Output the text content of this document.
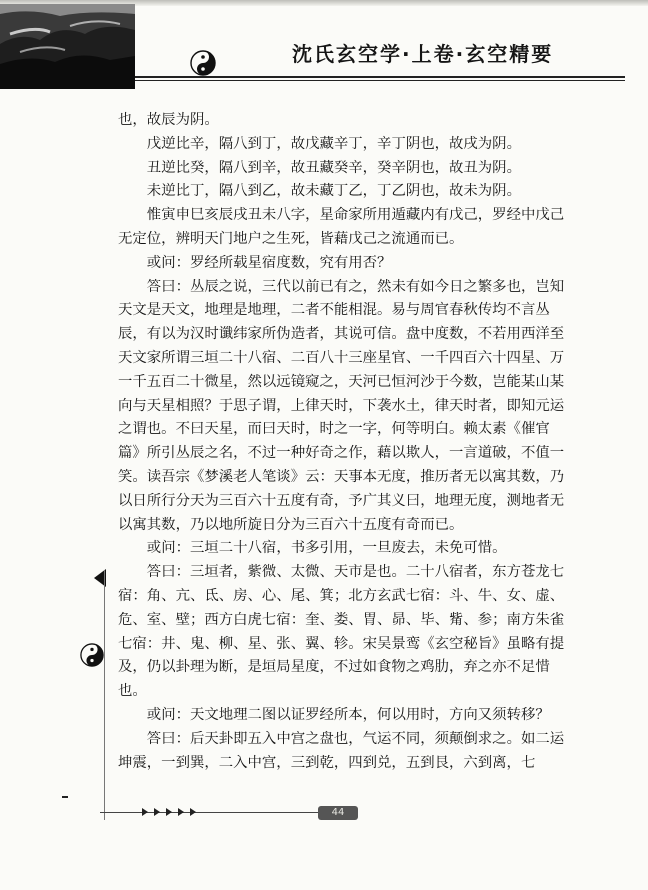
沈氏玄空学·上卷·玄空精要

也，故辰为阴。

戊逆比辛，隔八到丁，故戊藏辛丁，辛丁阴也，故戌为阴。

丑逆比癸，隔八到辛，故丑藏癸辛，癸辛阴也，故丑为阴。

未逆比丁，隔八到乙，故未藏丁乙，丁乙阴也，故未为阴。

惟寅申巳亥辰戌丑未八字，星命家所用遁藏内有戊己，罗经中戊己无定位，辨明天门地户之生死，皆藉戊己之流通而已。

或问：罗经所载星宿度数，究有用否？

答曰：丛辰之说，三代以前已有之，然未有如今日之繁多也，岂知天文是天文，地理是地理，二者不能相混。易与周官春秋传均不言丛辰，有以为汉时谶纬家所伪造者，其说可信。盘中度数，不若用西洋至天文家所谓三垣二十八宿、二百八十三座星官、一千四百六十四星、万一千五百二十微星，然以远镜窥之，天河已恒河沙于今数，岂能某山某向与天星相照？于思子谓，上律天时，下袭水土，律天时者，即知元运之谓也。不曰天星，而曰天时，时之一字，何等明白。赖太素《催官篇》所引丛辰之名，不过一种好奇之作，藉以欺人，一言道破，不值一笑。读吾宗《梦溪老人笔谈》云：天事本无度，推历者无以寓其数，乃以日所行分天为三百六十五度有奇，予广其义曰，地理无度，测地者无以寓其数，乃以地所旋日分为三百六十五度有奇而已。

或问：三垣二十八宿，书多引用，一旦废去，未免可惜。

答曰：三垣者，紫微、太微、天市是也。二十八宿者，东方苍龙七宿：角、亢、氐、房、心、尾、箕；北方玄武七宿：斗、牛、女、虚、危、室、壁；西方白虎七宿：奎、娄、胃、昴、毕、觜、参；南方朱雀七宿：井、鬼、柳、星、张、翼、轸。宋吴景鸾《玄空秘旨》虽略有提及，仍以卦理为断，是垣局星度，不过如食物之鸡肋，弃之亦不足惜也。

或问：天文地理二图以证罗经所本，何以用时，方向又须转移？

答曰：后天卦即五入中宫之盘也，气运不同，须颠倒求之。如二运坤震，一到巽，二入中宫，三到乾，四到兑，五到艮，六到离，七

44
